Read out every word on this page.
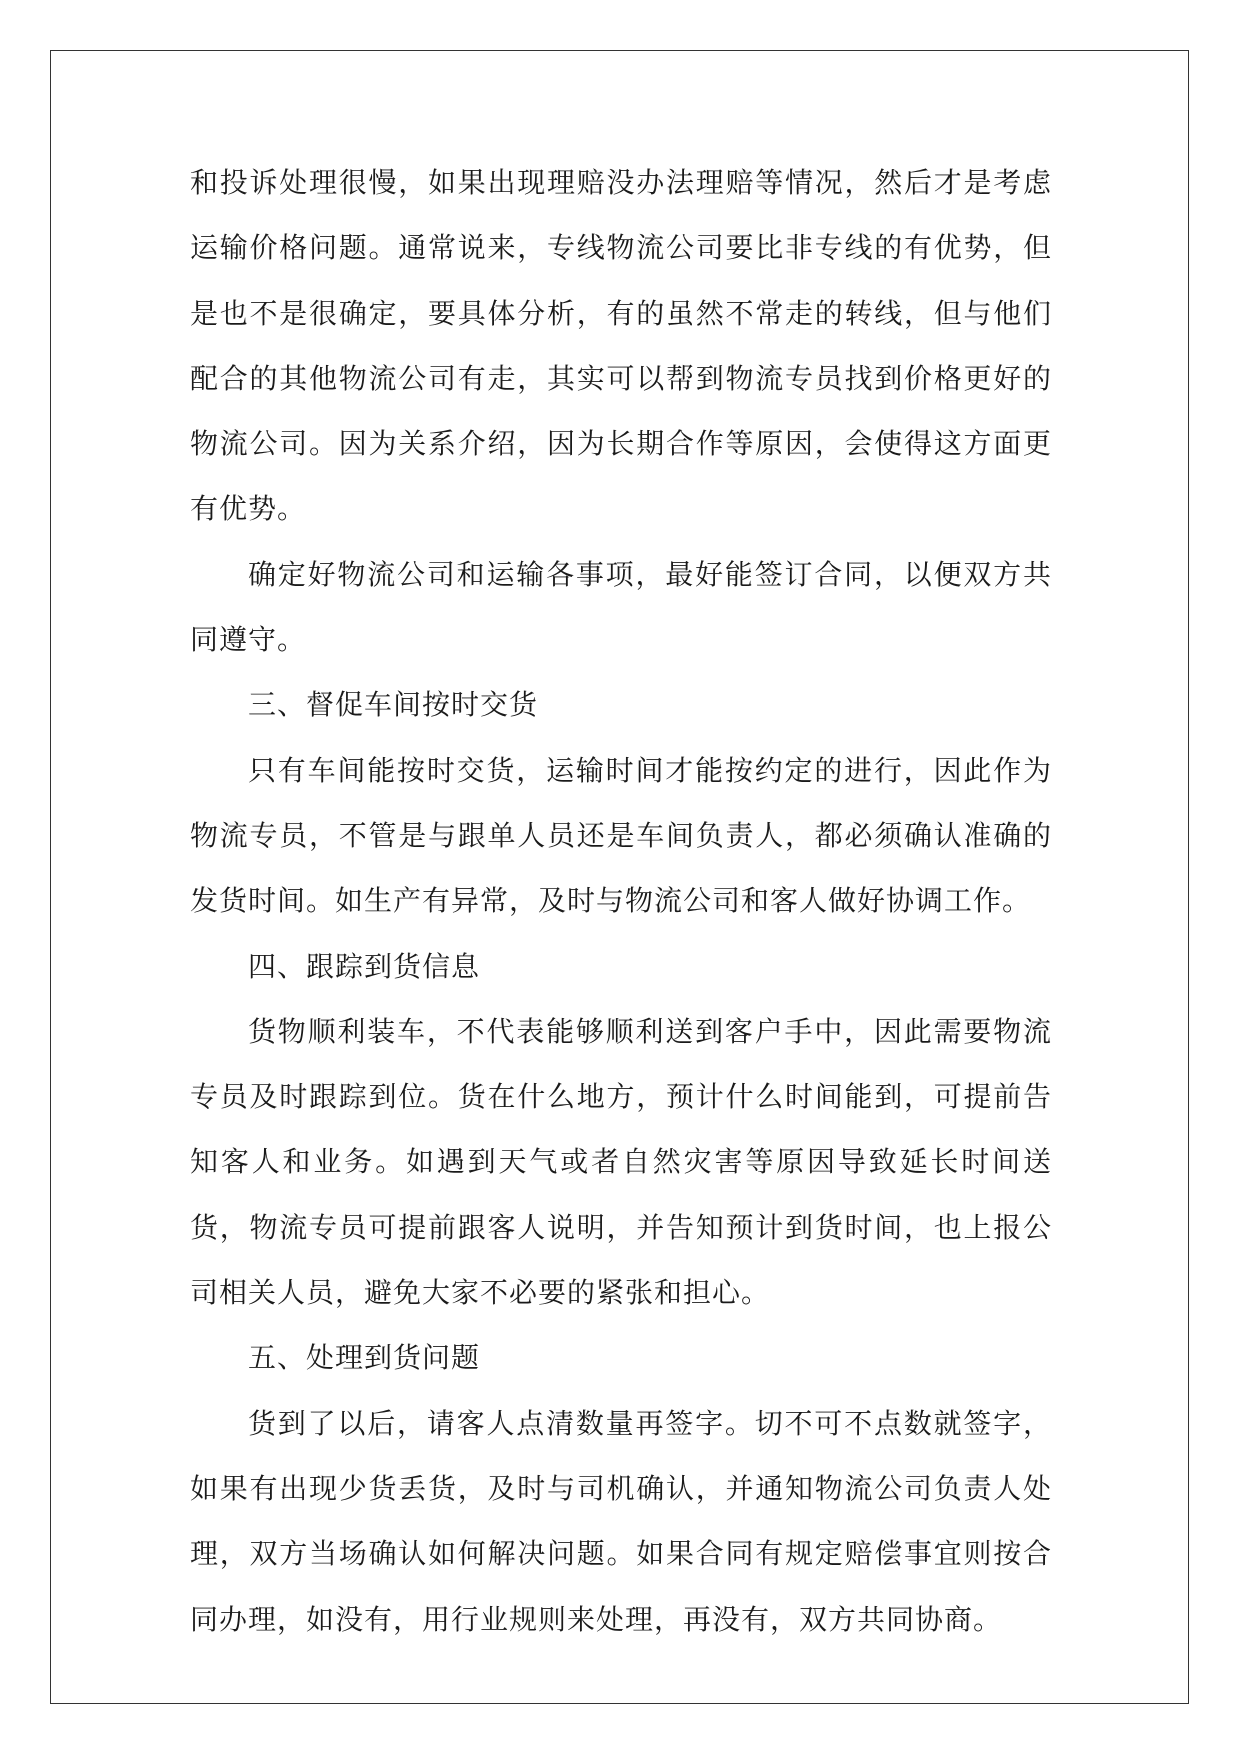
和投诉处理很慢，如果出现理赔没办法理赔等情况，然后才是考虑运输价格问题。通常说来，专线物流公司要比非专线的有优势，但是也不是很确定，要具体分析，有的虽然不常走的转线，但与他们配合的其他物流公司有走，其实可以帮到物流专员找到价格更好的物流公司。因为关系介绍，因为长期合作等原因，会使得这方面更有优势。

确定好物流公司和运输各事项，最好能签订合同，以便双方共同遵守。

三、督促车间按时交货

只有车间能按时交货，运输时间才能按约定的进行，因此作为物流专员，不管是与跟单人员还是车间负责人，都必须确认准确的发货时间。如生产有异常，及时与物流公司和客人做好协调工作。

四、跟踪到货信息

货物顺利装车，不代表能够顺利送到客户手中，因此需要物流专员及时跟踪到位。货在什么地方，预计什么时间能到，可提前告知客人和业务。如遇到天气或者自然灾害等原因导致延长时间送货，物流专员可提前跟客人说明，并告知预计到货时间，也上报公司相关人员，避免大家不必要的紧张和担心。

五、处理到货问题

货到了以后，请客人点清数量再签字。切不可不点数就签字，如果有出现少货丢货，及时与司机确认，并通知物流公司负责人处理，双方当场确认如何解决问题。如果合同有规定赔偿事宜则按合同办理，如没有，用行业规则来处理，再没有，双方共同协商。
